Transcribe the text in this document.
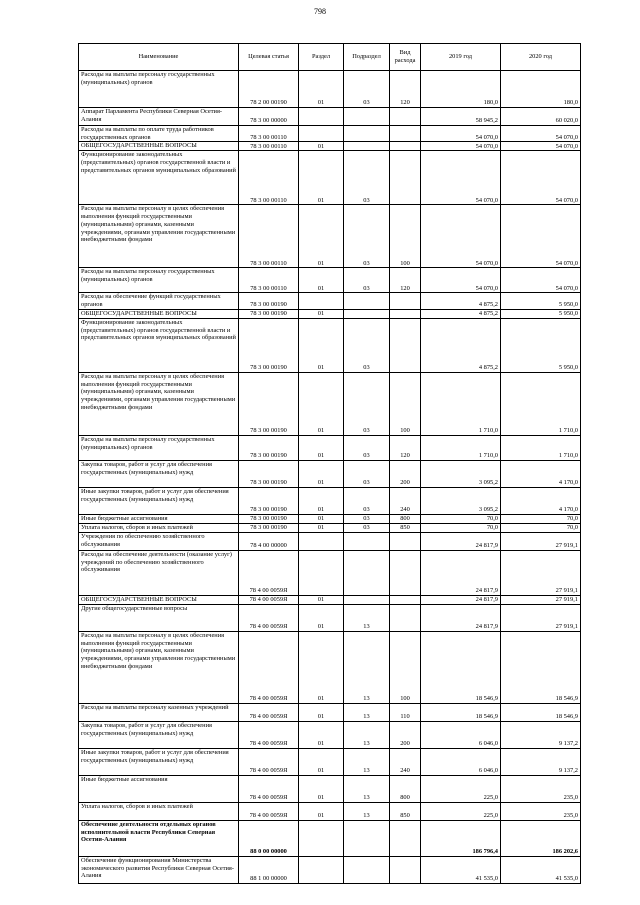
798
Наименование	Целевая статья	Раздел	Подраздел	Вид расхода	2019 год	2020 год
Расходы на выплаты персоналу государственных (муниципальных) органов	78 2 00 00190	01	03	120	180,0	180,0
Аппарат Парламента Республики Северная Осетия-Алания	78 3 00 00000				58 945,2	60 020,0
Расходы на выплаты по оплате труда работников государственных органов	78 3 00 00110				54 070,0	54 070,0
ОБЩЕГОСУДАРСТВЕННЫЕ ВОПРОСЫ	78 3 00 00110	01			54 070,0	54 070,0
Функционирование законодательных (представительных) органов государственной власти и представительных органов муниципальных образований	78 3 00 00110	01	03		54 070,0	54 070,0
Расходы на выплаты персоналу в целях обеспечения выполнения функций государственными (муниципальными) органами, казенными учреждениями, органами управления государственными внебюджетными фондами	78 3 00 00110	01	03	100	54 070,0	54 070,0
Расходы на выплаты персоналу государственных (муниципальных) органов	78 3 00 00110	01	03	120	54 070,0	54 070,0
Расходы на обеспечение функций государственных органов	78 3 00 00190				4 875,2	5 950,0
ОБЩЕГОСУДАРСТВЕННЫЕ ВОПРОСЫ	78 3 00 00190	01			4 875,2	5 950,0
Функционирование законодательных (представительных) органов государственной власти и представительных органов муниципальных образований	78 3 00 00190	01	03		4 875,2	5 950,0
Расходы на выплаты персоналу в целях обеспечения выполнения функций государственными (муниципальными) органами, казенными учреждениями, органами управления государственными внебюджетными фондами	78 3 00 00190	01	03	100	1 710,0	1 710,0
Расходы на выплаты персоналу государственных (муниципальных) органов	78 3 00 00190	01	03	120	1 710,0	1 710,0
Закупка товаров, работ и услуг для обеспечения государственных (муниципальных) нужд	78 3 00 00190	01	03	200	3 095,2	4 170,0
Иные закупки товаров, работ и услуг для обеспечения государственных (муниципальных) нужд	78 3 00 00190	01	03	240	3 095,2	4 170,0
Иные бюджетные ассигнования	78 3 00 00190	01	03	800	70,0	70,0
Уплата налогов, сборов и иных платежей	78 3 00 00190	01	03	850	70,0	70,0
Учреждения по обеспечению хозяйственного обслуживания	78 4 00 00000				24 817,9	27 919,1
Расходы на обеспечение деятельности (оказание услуг) учреждений по обеспечению хозяйственного обслуживания	78 4 00 0059Я				24 817,9	27 919,1
ОБЩЕГОСУДАРСТВЕННЫЕ ВОПРОСЫ	78 4 00 0059Я	01			24 817,9	27 919,1
Другие общегосударственные вопросы	78 4 00 0059Я	01	13		24 817,9	27 919,1
Расходы на выплаты персоналу в целях обеспечения выполнения функций государственными (муниципальными) органами, казенными учреждениями, органами управления государственными внебюджетными фондами	78 4 00 0059Я	01	13	100	18 546,9	18 546,9
Расходы на выплаты персоналу казенных учреждений	78 4 00 0059Я	01	13	110	18 546,9	18 546,9
Закупка товаров, работ и услуг для обеспечения государственных (муниципальных) нужд	78 4 00 0059Я	01	13	200	6 046,0	9 137,2
Иные закупки товаров, работ и услуг для обеспечения государственных (муниципальных) нужд	78 4 00 0059Я	01	13	240	6 046,0	9 137,2
Иные бюджетные ассигнования	78 4 00 0059Я	01	13	800	225,0	235,0
Уплата налогов, сборов и иных платежей	78 4 00 0059Я	01	13	850	225,0	235,0
Обеспечение деятельности отдельных органов исполнительной власти Республики Северная Осетия-Алания	88 0 00 00000				186 796,4	186 202,6
Обеспечение функционирования Министерства экономического развития Республики Северная Осетия-Алания	88 1 00 00000				41 535,0	41 535,0
